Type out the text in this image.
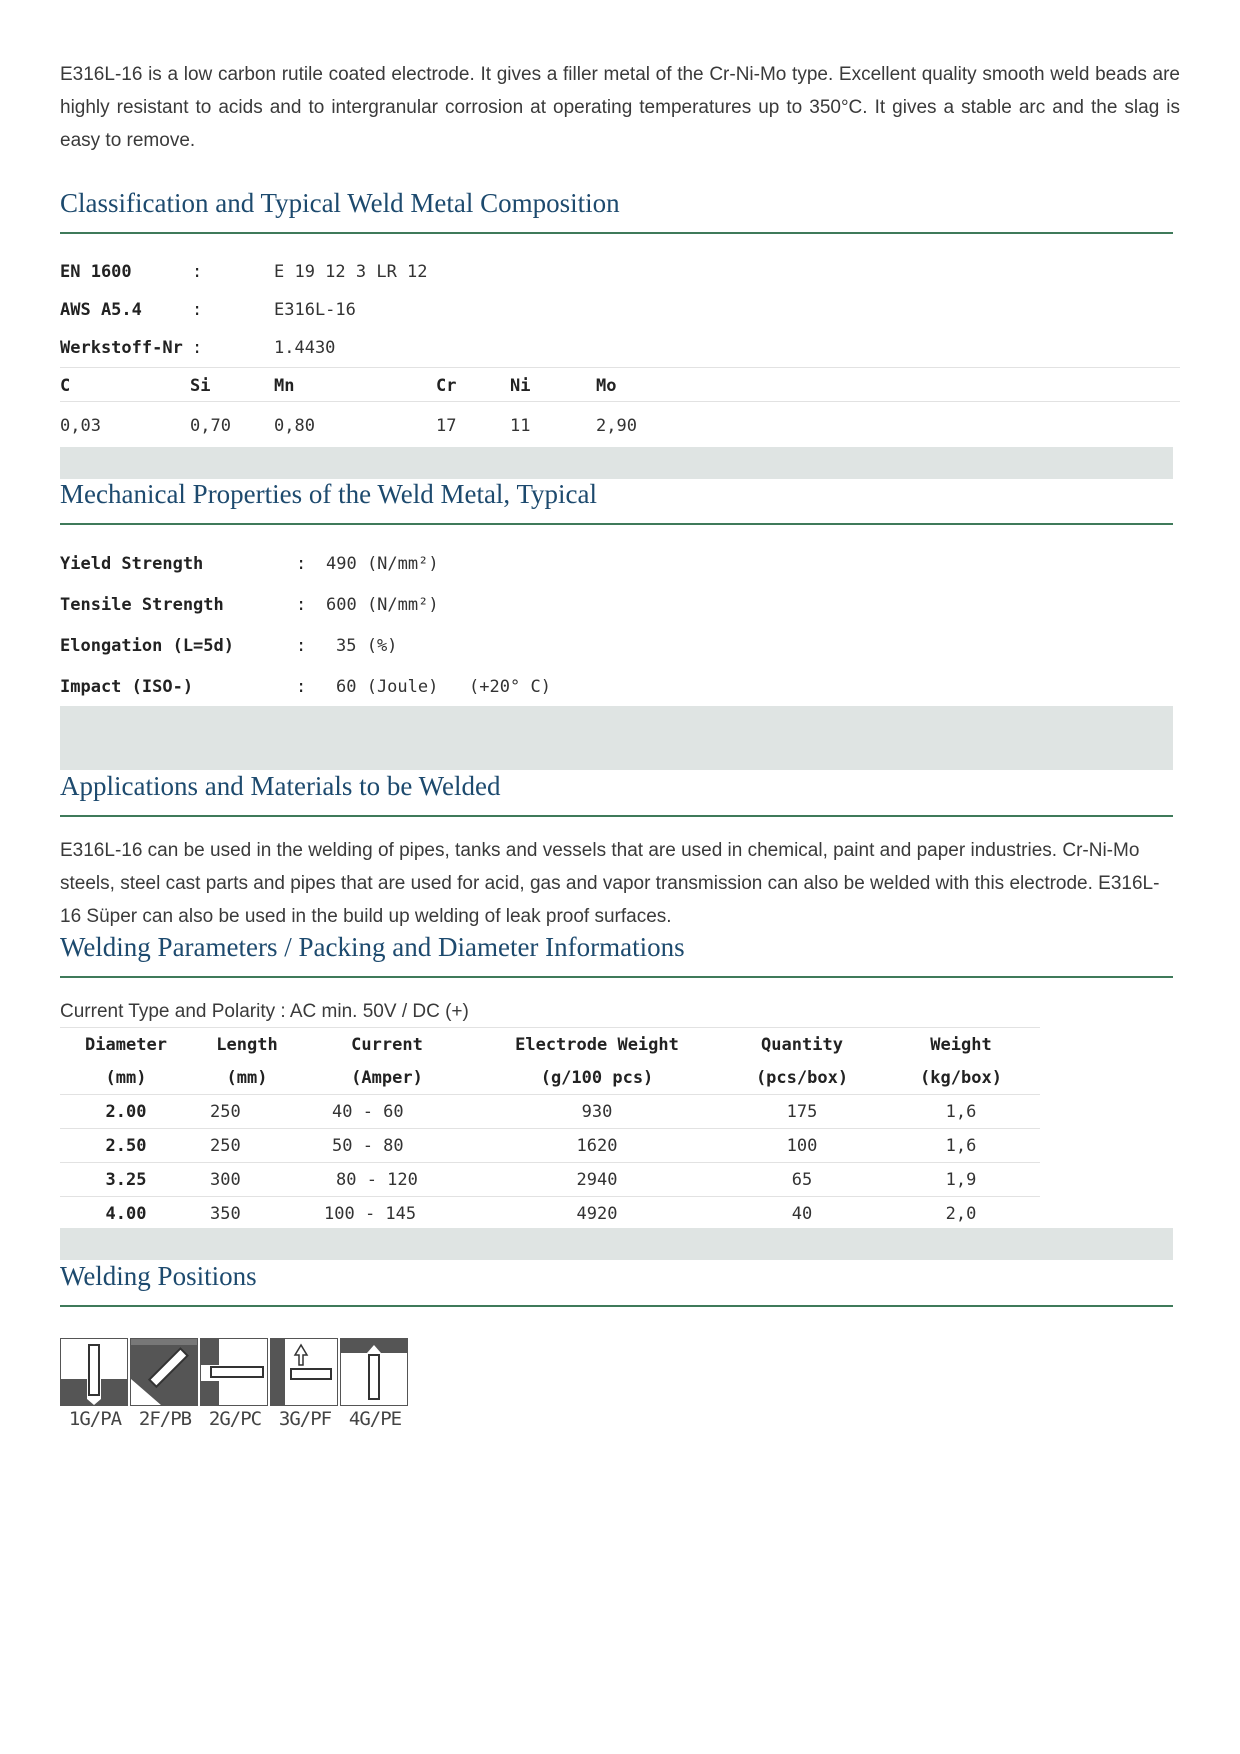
E316L-16 is a low carbon rutile coated electrode. It gives a filler metal of the Cr-Ni-Mo type. Excellent quality smooth weld beads are highly resistant to acids and to intergranular corrosion at operating temperatures up to 350°C. It gives a stable arc and the slag is easy to remove.
Classification and Typical Weld Metal Composition
EN 1600	:	E 19 12 3 LR 12
AWS A5.4	:	E316L-16
Werkstoff-Nr :	1.4430
C	Si	Mn	Cr	Ni	Mo
0,03	0,70	0,80	17	11	2,90
Mechanical Properties of the Weld Metal, Typical
Yield Strength	: 490 (N/mm²)
Tensile Strength	: 600 (N/mm²)
Elongation (L=5d)	: 35 (%)
Impact (ISO-)	: 60 (Joule)   (+20° C)
Applications and Materials to be Welded
E316L-16 can be used in the welding of pipes, tanks and vessels that are used in chemical, paint and paper industries. Cr-Ni-Mo steels, steel cast parts and pipes that are used for acid, gas and vapor transmission can also be welded with this electrode. E316L-16 Süper can also be used in the build up welding of leak proof surfaces.
Welding Parameters / Packing and Diameter Informations
Current Type and Polarity : AC min. 50V / DC (+)
Diameter	Length	Current	Electrode Weight	Quantity	Weight
(mm)	(mm)	(Amper)	(g/100 pcs)	(pcs/box)	(kg/box)
2.00	250	40 - 60	930	175	1,6
2.50	250	50 - 80	1620	100	1,6
3.25	300	80 - 120	2940	65	1,9
4.00	350	100 - 145	4920	40	2,0
Welding Positions
1G/PA 2F/PB 2G/PC 3G/PF 4G/PE
